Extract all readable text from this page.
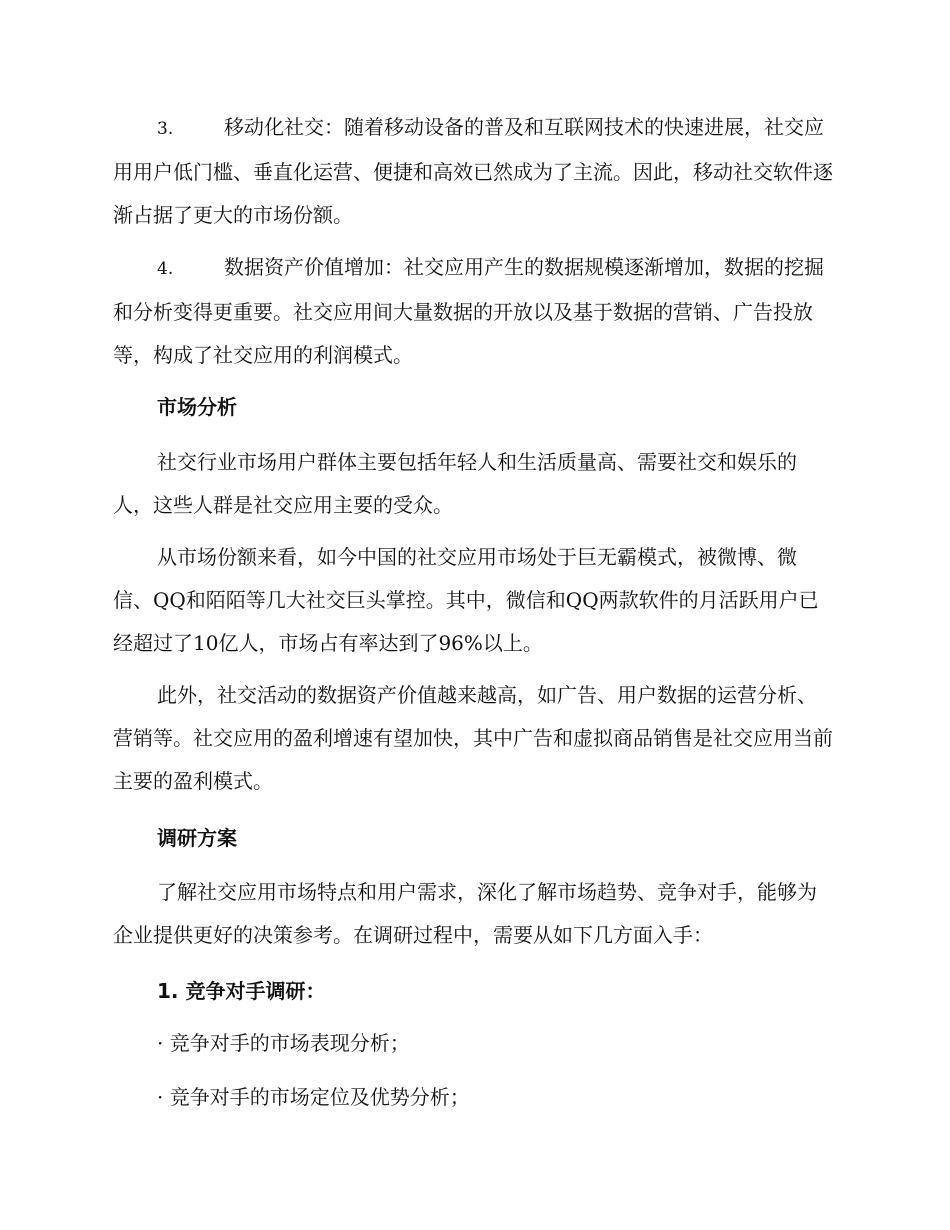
3.	移动化社交：随着移动设备的普及和互联网技术的快速进展，社交应用用户低门槛、垂直化运营、便捷和高效已然成为了主流。因此，移动社交软件逐渐占据了更大的市场份额。

4.	数据资产价值增加：社交应用产生的数据规模逐渐增加，数据的挖掘和分析变得更重要。社交应用间大量数据的开放以及基于数据的营销、广告投放等，构成了社交应用的利润模式。

市场分析

社交行业市场用户群体主要包括年轻人和生活质量高、需要社交和娱乐的人，这些人群是社交应用主要的受众。

从市场份额来看，如今中国的社交应用市场处于巨无霸模式，被微博、微信、QQ和陌陌等几大社交巨头掌控。其中，微信和QQ两款软件的月活跃用户已经超过了10亿人，市场占有率达到了96%以上。

此外，社交活动的数据资产价值越来越高，如广告、用户数据的运营分析、营销等。社交应用的盈利增速有望加快，其中广告和虚拟商品销售是社交应用当前主要的盈利模式。

调研方案

了解社交应用市场特点和用户需求，深化了解市场趋势、竞争对手，能够为企业提供更好的决策参考。在调研过程中，需要从如下几方面入手：

1. 竞争对手调研：

· 竞争对手的市场表现分析；

· 竞争对手的市场定位及优势分析；
